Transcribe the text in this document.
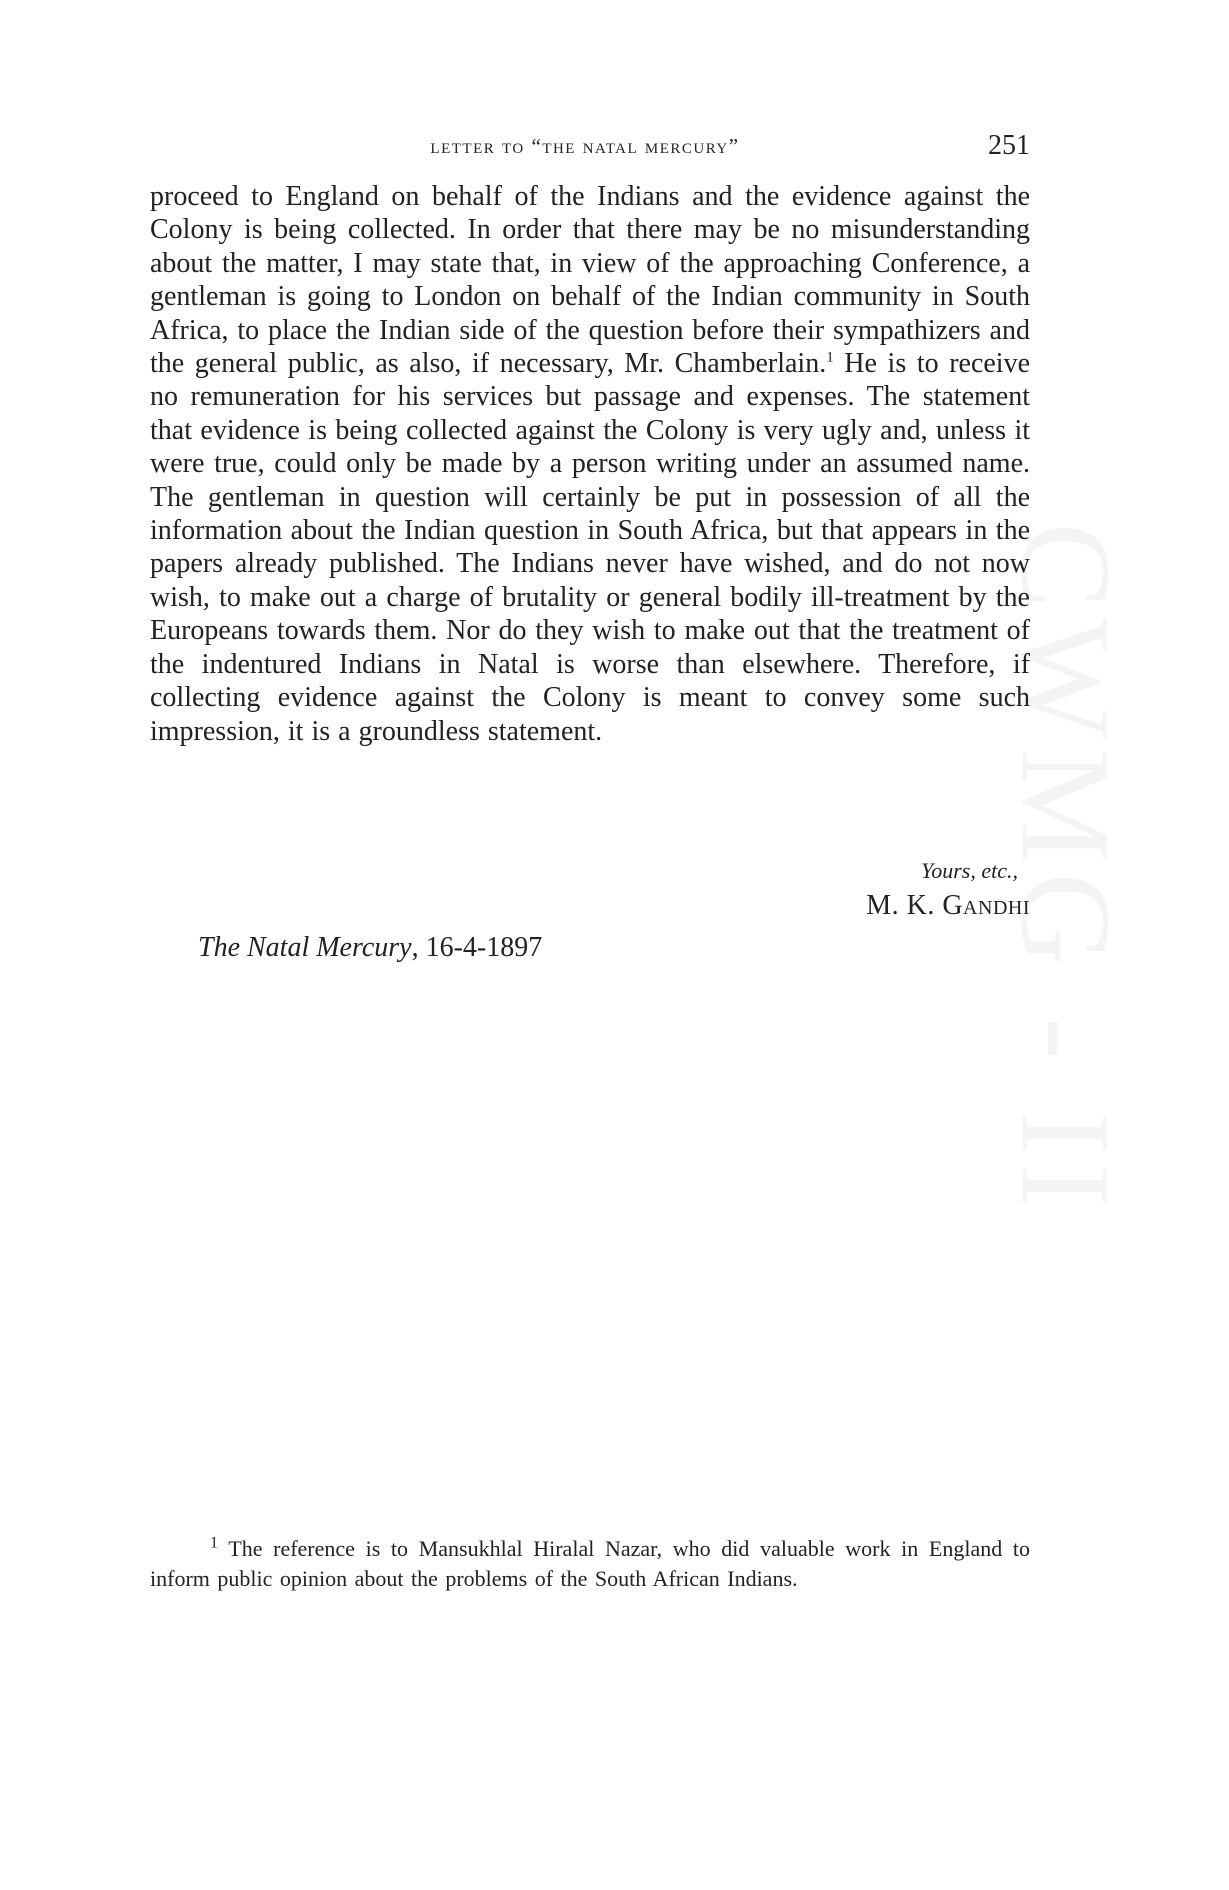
CWMG - II
letter to “the natal mercury”	251

proceed to England on behalf of the Indians and the evidence against the Colony is being collected. In order that there may be no misunderstanding about the matter, I may state that, in view of the approaching Conference, a gentleman is going to London on behalf of the Indian community in South Africa, to place the Indian side of the question before their sympathizers and the general public, as also, if necessary, Mr. Chamberlain.$^1$ He is to receive no remuneration for his services but passage and expenses. The statement that evidence is being collected against the Colony is very ugly and, unless it were true, could only be made by a person writing under an assumed name. The gentleman in question will certainly be put in possession of all the information about the Indian question in South Africa, but that appears in the papers already published. The Indians never have wished, and do not now wish, to make out a charge of brutality or general bodily ill-treatment by the Europeans towards them. Nor do they wish to make out that the treatment of the indentured Indians in Natal is worse than elsewhere. Therefore, if collecting evidence against the Colony is meant to convey some such impression, it is a groundless statement.

Yours, etc.,
M. K. Gandhi
The Natal Mercury, 16-4-1897

$^1$ The reference is to Mansukhlal Hiralal Nazar, who did valuable work in England to inform public opinion about the problems of the South African Indians.
